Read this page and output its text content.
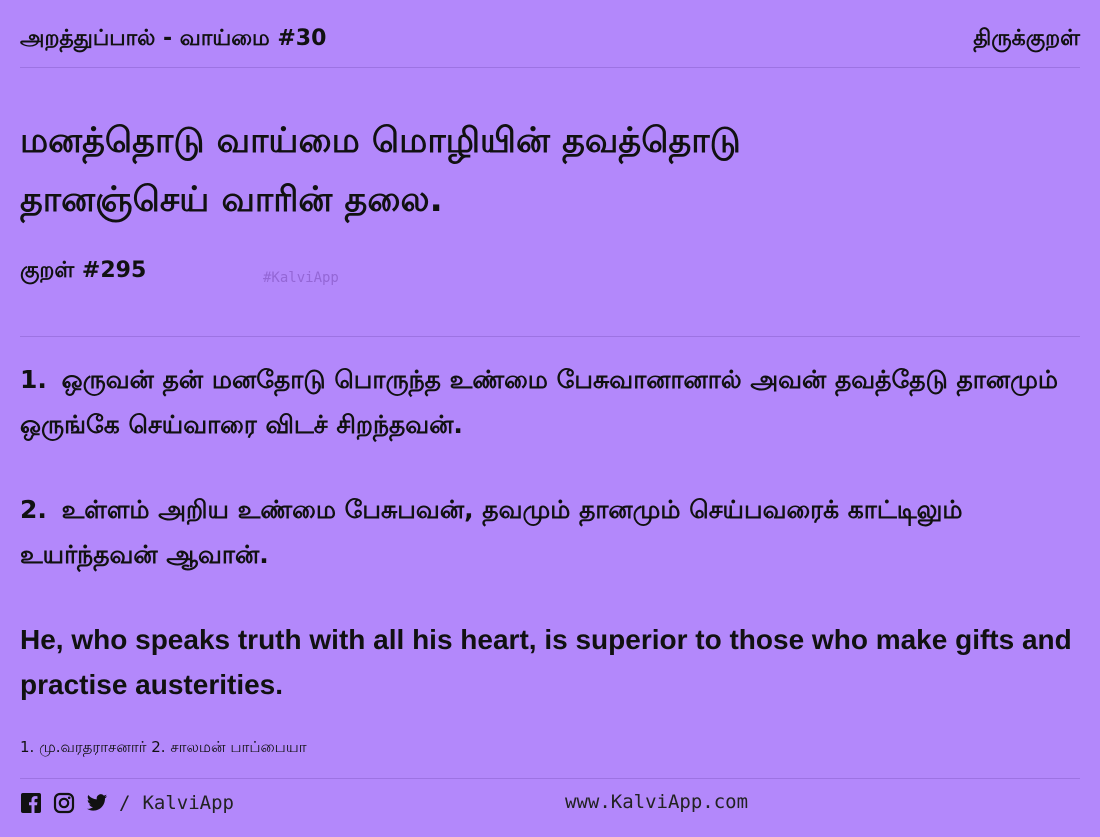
அறத்துப்பால் - வாய்மை #30	திருக்குறள்
மனத்தொடு வாய்மை மொழியின் தவத்தொடு
தானஞ்செய் வாரின் தலை.
குறள் #295	#KalviApp
1. ஒருவன் தன் மனதோடு பொருந்த உண்மை பேசுவானானால் அவன் தவத்தேடு தானமும் ஒருங்கே செய்வாரை விடச் சிறந்தவன்.
2. உள்ளம் அறிய உண்மை பேசுபவன், தவமும் தானமும் செய்பவரைக் காட்டிலும் உயர்ந்தவன் ஆவான்.
He, who speaks truth with all his heart, is superior to those who make gifts and practise austerities.
1. மு.வரதராசனார் 2. சாலமன் பாப்பையா
/ KalviApp	www.KalviApp.com
